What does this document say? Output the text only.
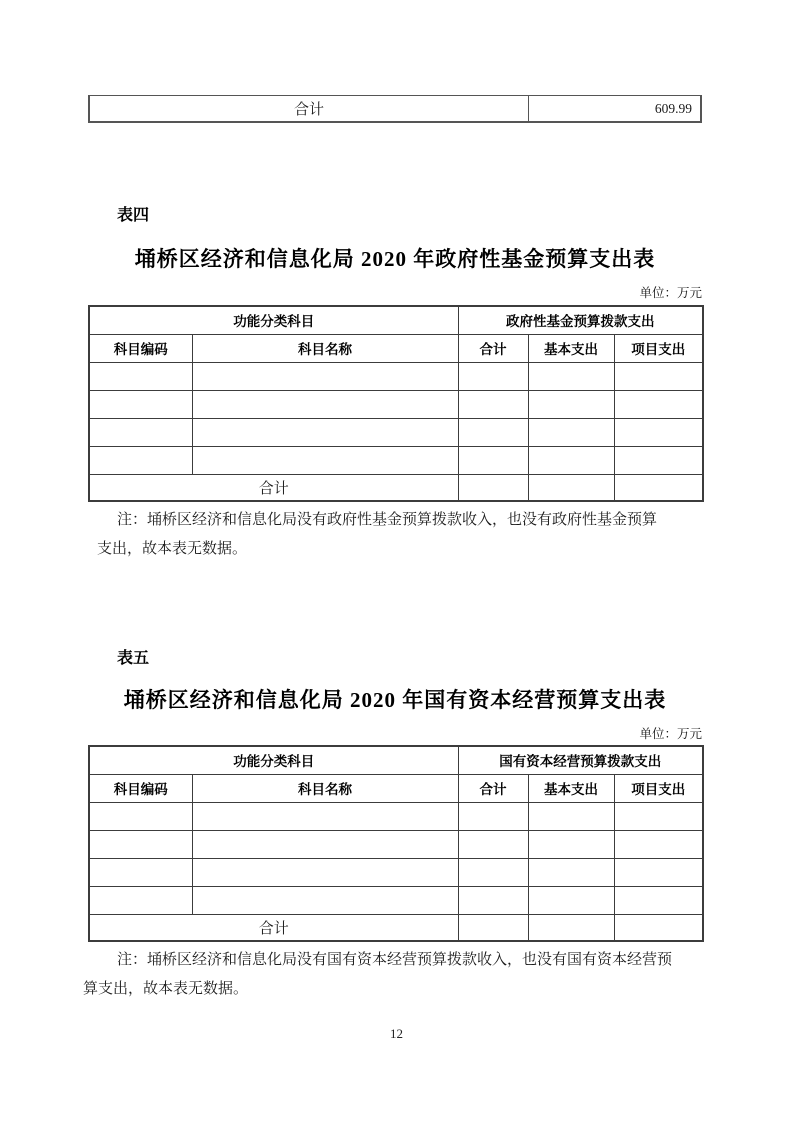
合计	609.99
表四
埇桥区经济和信息化局 2020 年政府性基金预算支出表
单位：万元
功能分类科目		政府性基金预算拨款支出		
科目编码	科目名称	合计	基本支出	项目支出

合计				
注：埇桥区经济和信息化局没有政府性基金预算拨款收入，也没有政府性基金预算
支出，故本表无数据。
表五
埇桥区经济和信息化局 2020 年国有资本经营预算支出表
单位：万元
功能分类科目		国有资本经营预算拨款支出		
科目编码	科目名称	合计	基本支出	项目支出

合计				
注：埇桥区经济和信息化局没有国有资本经营预算拨款收入，也没有国有资本经营预
算支出，故本表无数据。
12
